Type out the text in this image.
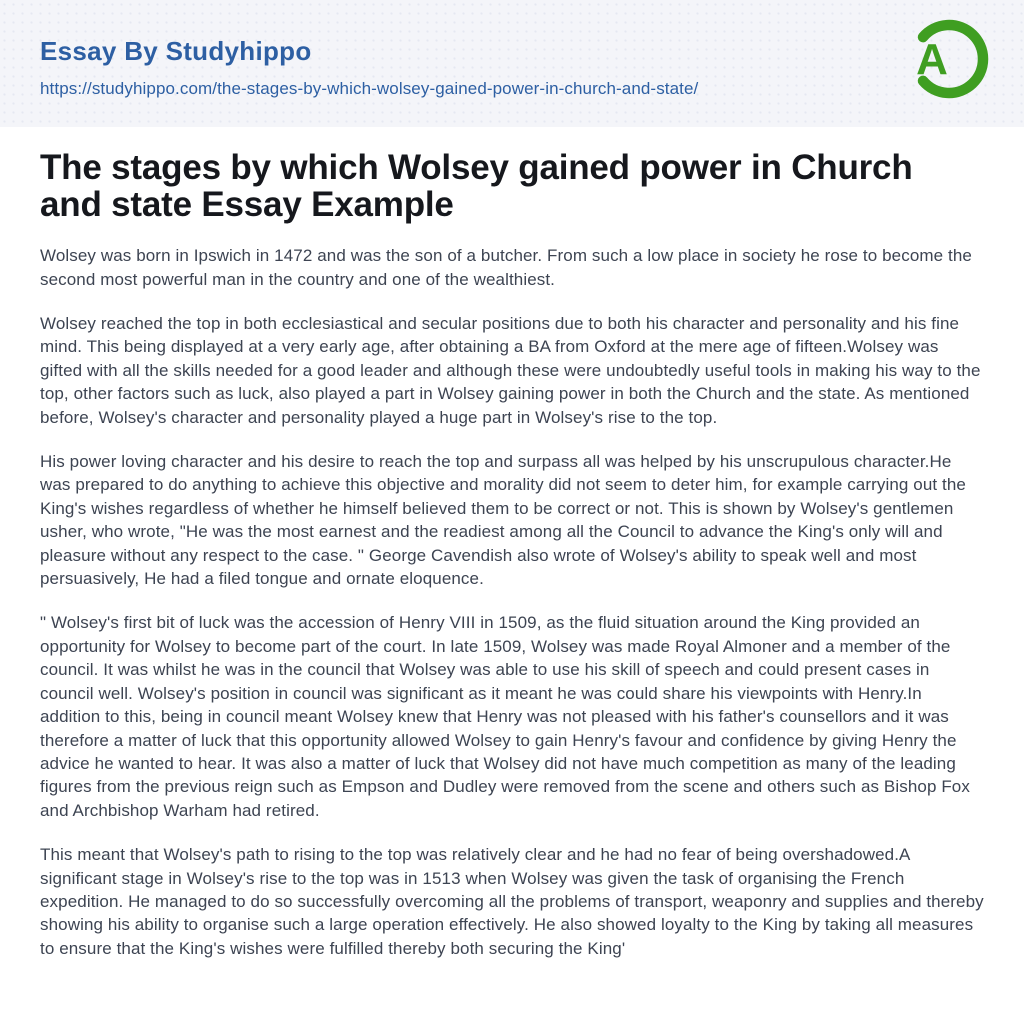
Essay By Studyhippo
https://studyhippo.com/the-stages-by-which-wolsey-gained-power-in-church-and-state/
A
The stages by which Wolsey gained power in Church and state Essay Example

Wolsey was born in Ipswich in 1472 and was the son of a butcher. From such a low place in society he rose to become the second most powerful man in the country and one of the wealthiest.

Wolsey reached the top in both ecclesiastical and secular positions due to both his character and personality and his fine mind. This being displayed at a very early age, after obtaining a BA from Oxford at the mere age of fifteen.Wolsey was gifted with all the skills needed for a good leader and although these were undoubtedly useful tools in making his way to the top, other factors such as luck, also played a part in Wolsey gaining power in both the Church and the state. As mentioned before, Wolsey's character and personality played a huge part in Wolsey's rise to the top.

His power loving character and his desire to reach the top and surpass all was helped by his unscrupulous character.He was prepared to do anything to achieve this objective and morality did not seem to deter him, for example carrying out the King's wishes regardless of whether he himself believed them to be correct or not. This is shown by Wolsey's gentlemen usher, who wrote, "He was the most earnest and the readiest among all the Council to advance the King's only will and pleasure without any respect to the case. " George Cavendish also wrote of Wolsey's ability to speak well and most persuasively, He had a filed tongue and ornate eloquence.

" Wolsey's first bit of luck was the accession of Henry VIII in 1509, as the fluid situation around the King provided an opportunity for Wolsey to become part of the court. In late 1509, Wolsey was made Royal Almoner and a member of the council. It was whilst he was in the council that Wolsey was able to use his skill of speech and could present cases in council well. Wolsey's position in council was significant as it meant he was could share his viewpoints with Henry.In addition to this, being in council meant Wolsey knew that Henry was not pleased with his father's counsellors and it was therefore a matter of luck that this opportunity allowed Wolsey to gain Henry's favour and confidence by giving Henry the advice he wanted to hear. It was also a matter of luck that Wolsey did not have much competition as many of the leading figures from the previous reign such as Empson and Dudley were removed from the scene and others such as Bishop Fox and Archbishop Warham had retired.

This meant that Wolsey's path to rising to the top was relatively clear and he had no fear of being overshadowed.A significant stage in Wolsey's rise to the top was in 1513 when Wolsey was given the task of organising the French expedition. He managed to do so successfully overcoming all the problems of transport, weaponry and supplies and thereby showing his ability to organise such a large operation effectively. He also showed loyalty to the King by taking all measures to ensure that the King's wishes were fulfilled thereby both securing the King'
